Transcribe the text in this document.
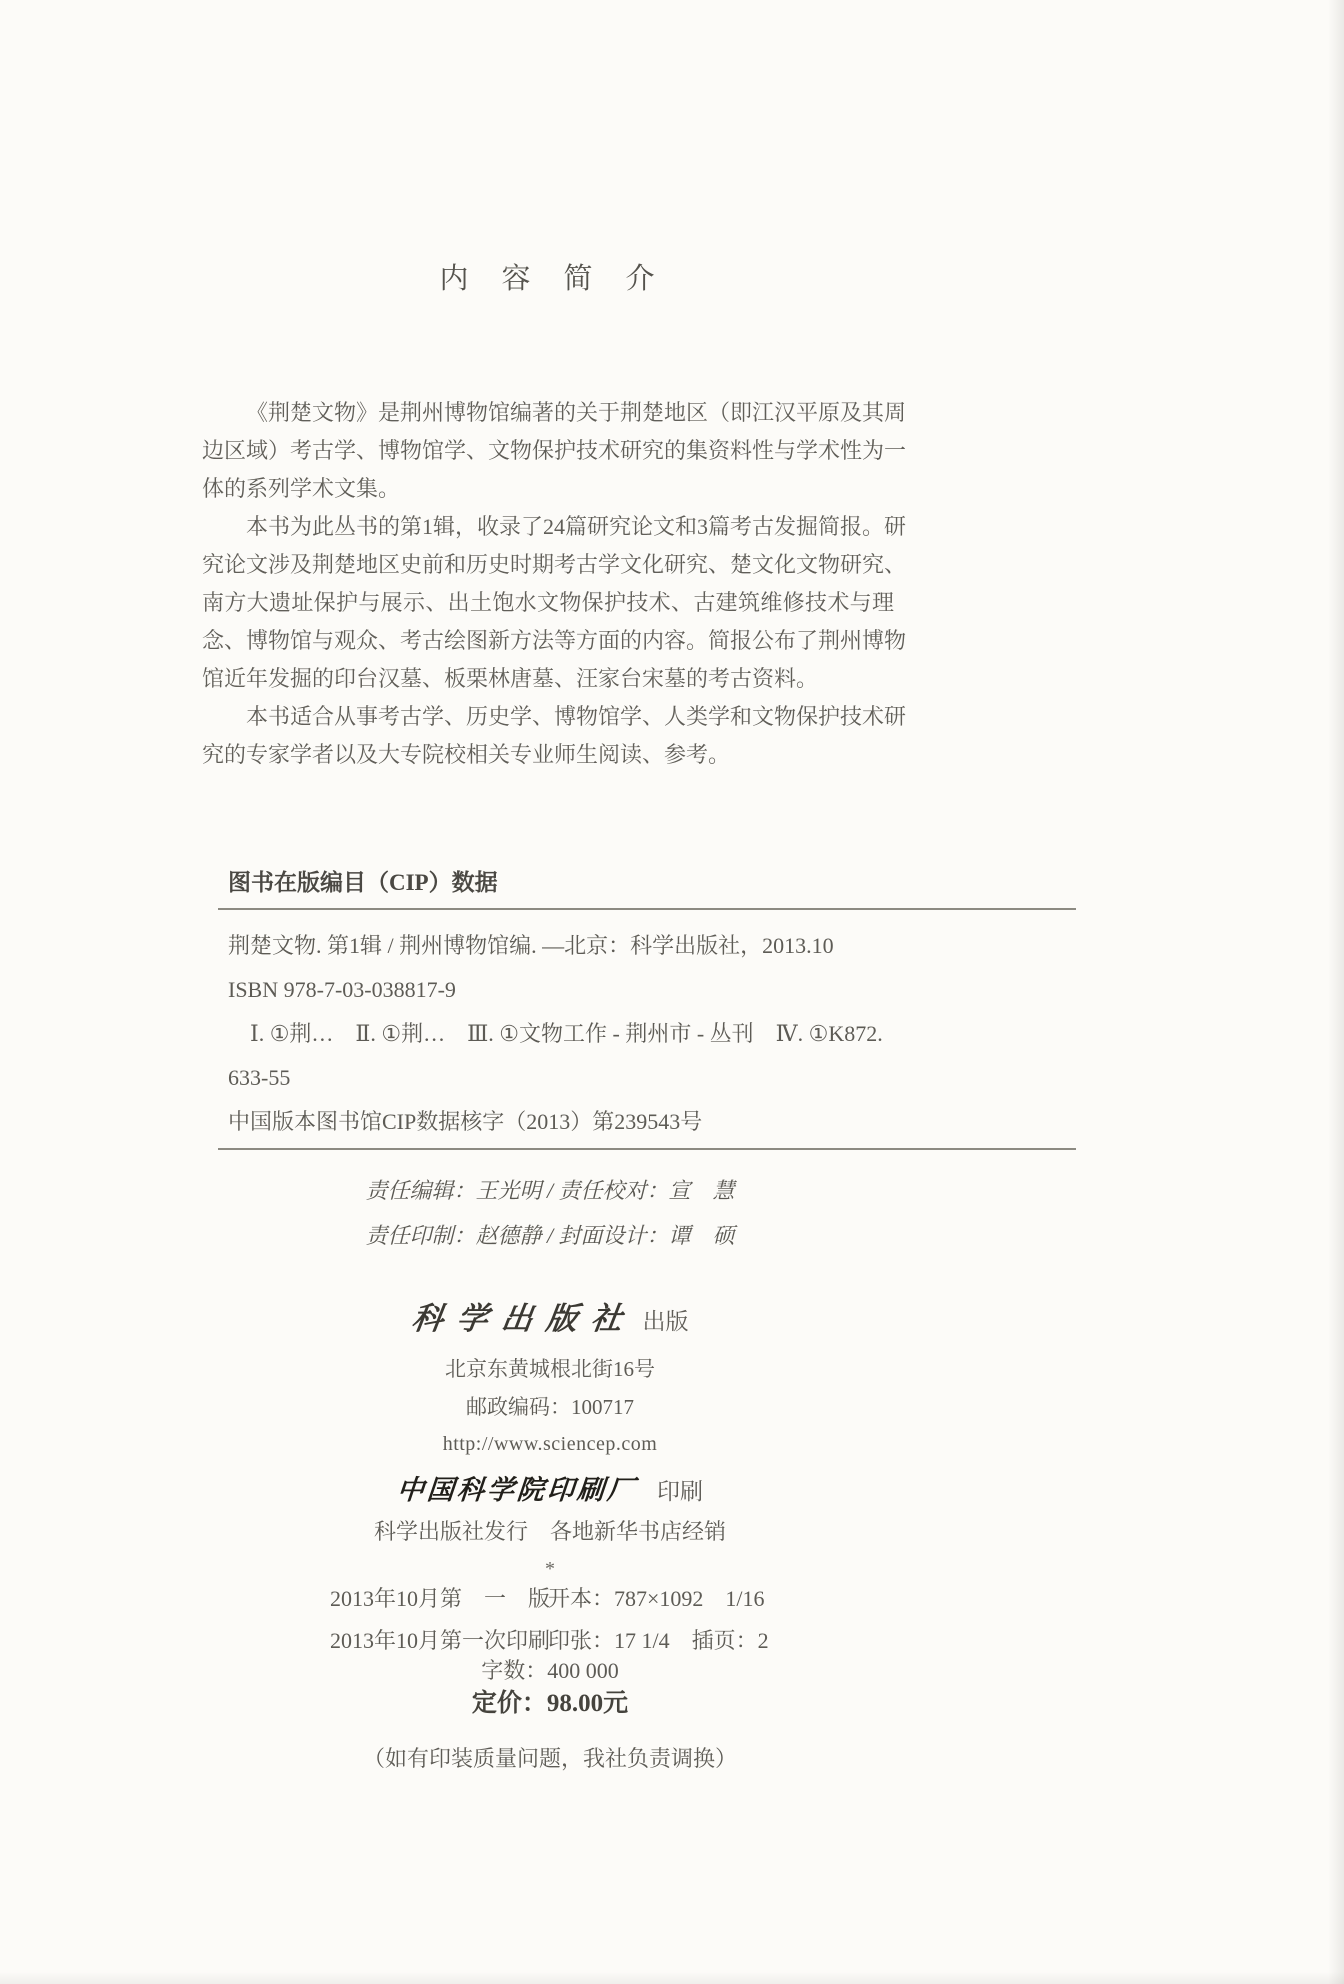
内　容　简　介
《荆楚文物》是荆州博物馆编著的关于荆楚地区（即江汉平原及其周
边区域）考古学、博物馆学、文物保护技术研究的集资料性与学术性为一
体的系列学术文集。
本书为此丛书的第1辑，收录了24篇研究论文和3篇考古发掘简报。研
究论文涉及荆楚地区史前和历史时期考古学文化研究、楚文化文物研究、
南方大遗址保护与展示、出土饱水文物保护技术、古建筑维修技术与理
念、博物馆与观众、考古绘图新方法等方面的内容。简报公布了荆州博物
馆近年发掘的印台汉墓、板栗林唐墓、汪家台宋墓的考古资料。
本书适合从事考古学、历史学、博物馆学、人类学和文物保护技术研
究的专家学者以及大专院校相关专业师生阅读、参考。
图书在版编目（CIP）数据
荆楚文物. 第1辑 / 荆州博物馆编. —北京：科学出版社，2013.10
ISBN 978-7-03-038817-9
Ⅰ. ①荆…　Ⅱ. ①荆…　Ⅲ. ①文物工作 - 荆州市 - 丛刊　Ⅳ. ①K872.
633-55
中国版本图书馆CIP数据核字（2013）第239543号
责任编辑：王光明 / 责任校对：宣　慧
责任印制：赵德静 / 封面设计：谭　硕
科 学 出 版 社 出版
北京东黄城根北街16号
邮政编码：100717
http://www.sciencep.com
中国科学院印刷厂 印刷
科学出版社发行　各地新华书店经销
*
2013年10月第　一　版
开本：787×1092　1/16
2013年10月第一次印刷
印张：17 1/4　插页：2
字数：400 000
定价：98.00元
（如有印装质量问题，我社负责调换）
